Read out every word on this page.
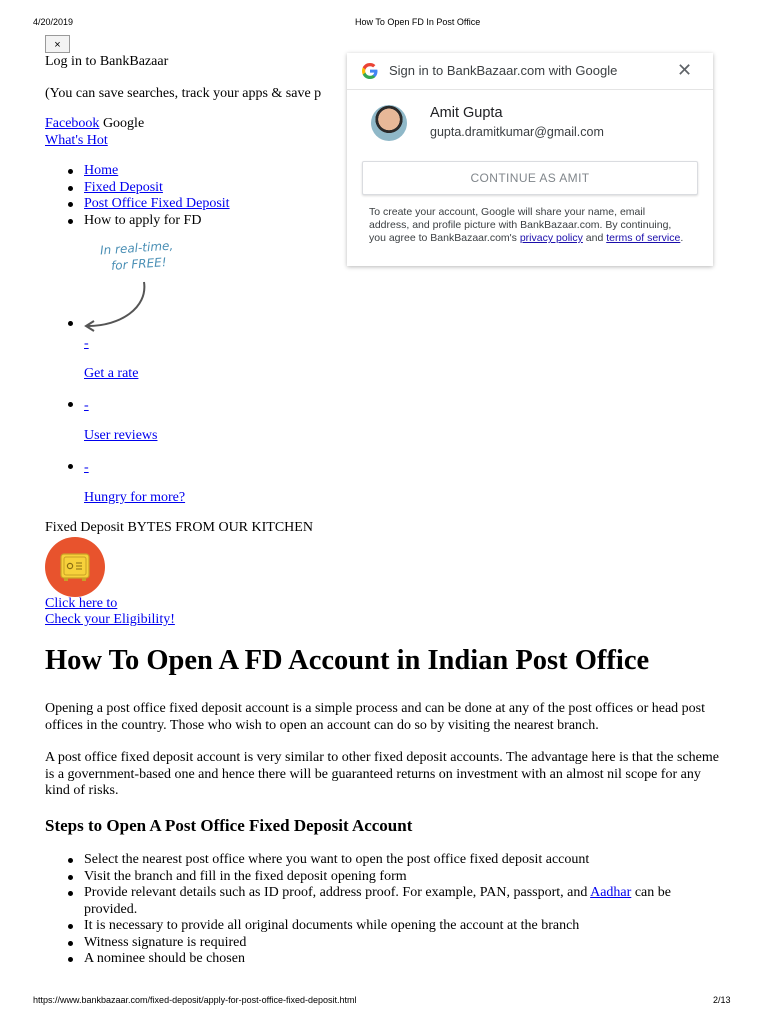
4/20/2019	How To Open FD In Post Office
×
Log in to BankBazaar
(You can save searches, track your apps & save p
Facebook Google
What's Hot
Home
Fixed Deposit
Post Office Fixed Deposit
How to apply for FD
In real-time,
for FREE!
-
Get a rate
-
User reviews
-
Hungry for more?
Fixed Deposit BYTES FROM OUR KITCHEN
Click here to
Check your Eligibility!
How To Open A FD Account in Indian Post Office
Opening a post office fixed deposit account is a simple process and can be done at any of the post offices or head post offices in the country. Those who wish to open an account can do so by visiting the nearest branch.
A post office fixed deposit account is very similar to other fixed deposit accounts. The advantage here is that the scheme is a government-based one and hence there will be guaranteed returns on investment with an almost nil scope for any kind of risks.
Steps to Open A Post Office Fixed Deposit Account
Select the nearest post office where you want to open the post office fixed deposit account
Visit the branch and fill in the fixed deposit opening form
Provide relevant details such as ID proof, address proof. For example, PAN, passport, and Aadhar can be provided.
It is necessary to provide all original documents while opening the account at the branch
Witness signature is required
A nominee should be chosen
Sign in to BankBazaar.com with Google	✕
Amit Gupta
gupta.dramitkumar@gmail.com
CONTINUE AS AMIT
To create your account, Google will share your name, email address, and profile picture with BankBazaar.com. By continuing, you agree to BankBazaar.com's privacy policy and terms of service.
https://www.bankbazaar.com/fixed-deposit/apply-for-post-office-fixed-deposit.html	2/13
